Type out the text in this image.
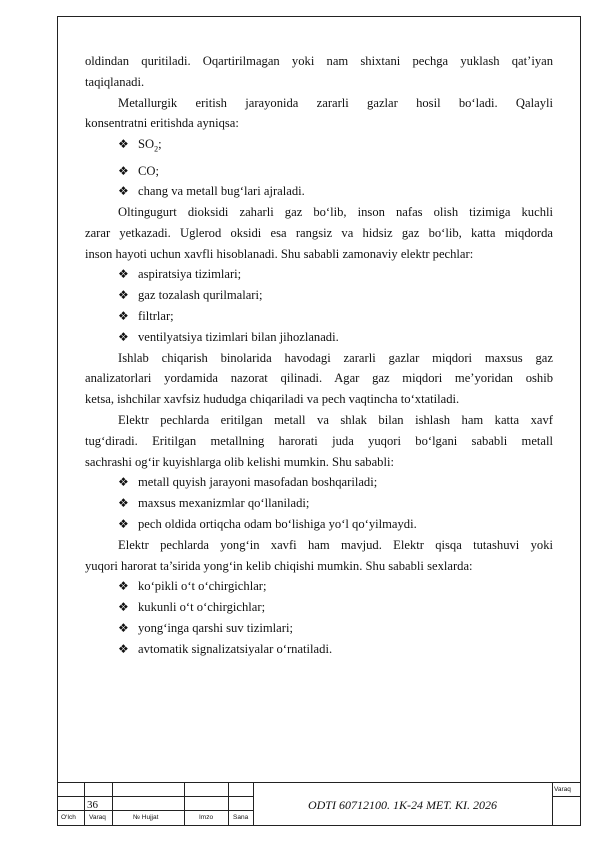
oldindan quritiladi. Oqartirilmagan yoki nam shixtani pechga yuklash qat’iyan

taqiqlanadi.

Metallurgik eritish jarayonida zararli gazlar hosil bo‘ladi. Qalayli

konsentratni eritishda ayniqsa:

❖ $SO_2$;

❖ CO;

❖ chang va metall bug‘lari ajraladi.

Oltingugurt dioksidi zaharli gaz bo‘lib, inson nafas olish tizimiga kuchli

zarar yetkazadi. Uglerod oksidi esa rangsiz va hidsiz gaz bo‘lib, katta miqdorda

inson hayoti uchun xavfli hisoblanadi. Shu sababli zamonaviy elektr pechlar:

❖ aspiratsiya tizimlari;

❖ gaz tozalash qurilmalari;

❖ filtrlar;

❖ ventilyatsiya tizimlari bilan jihozlanadi.

Ishlab chiqarish binolarida havodagi zararli gazlar miqdori maxsus gaz

analizatorlari yordamida nazorat qilinadi. Agar gaz miqdori me’yoridan oshib

ketsa, ishchilar xavfsiz hududga chiqariladi va pech vaqtincha to‘xtatiladi.

Elektr pechlarda eritilgan metall va shlak bilan ishlash ham katta xavf

tug‘diradi. Eritilgan metallning harorati juda yuqori bo‘lgani sababli metall

sachrashi og‘ir kuyishlarga olib kelishi mumkin. Shu sababli:

❖ metall quyish jarayoni masofadan boshqariladi;

❖ maxsus mexanizmlar qo‘llaniladi;

❖ pech oldida ortiqcha odam bo‘lishiga yo‘l qo‘yilmaydi.

Elektr pechlarda yong‘in xavfi ham mavjud. Elektr qisqa tutashuvi yoki

yuqori harorat ta’sirida yong‘in kelib chiqishi mumkin. Shu sababli sexlarda:

❖ ko‘pikli o‘t o‘chirgichlar;

❖ kukunli o‘t o‘chirgichlar;

❖ yong‘inga qarshi suv tizimlari;

❖ avtomatik signalizatsiyalar o‘rnatiladi.

36	ODTI 60712100. 1K-24 MET. KI. 2026
Varaq
O‘lch Varaq	№ Hujjat	Imzo	Sana
